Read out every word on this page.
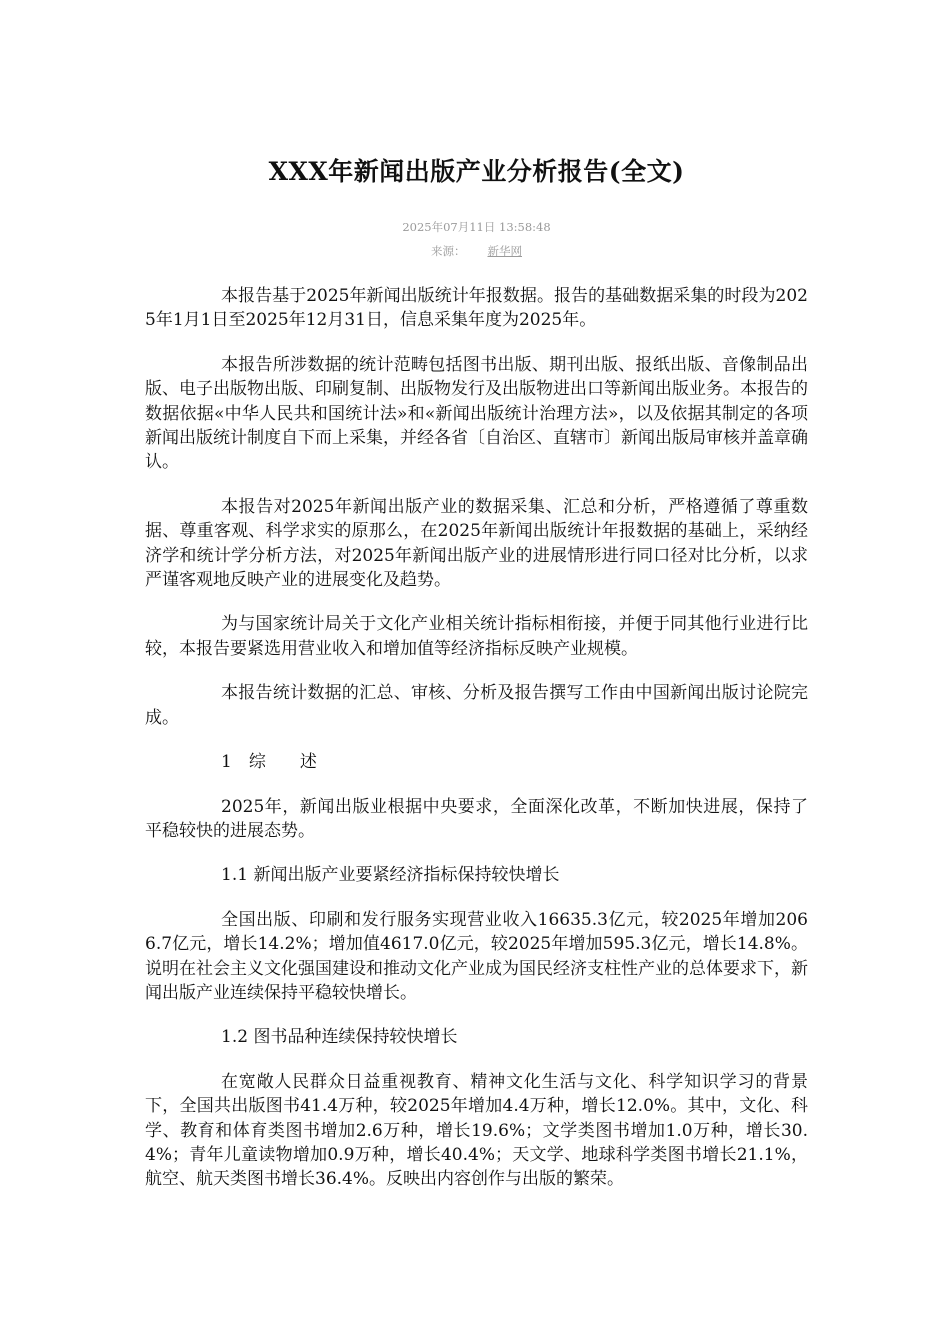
XXX年新闻出版产业分析报告(全文)
2025年07月11日 13:58:48
来源： 新华网

本报告基于2025年新闻出版统计年报数据。报告的基础数据采集的时段为2025年1月1日至2025年12月31日，信息采集年度为2025年。

本报告所涉数据的统计范畴包括图书出版、期刊出版、报纸出版、音像制品出版、电子出版物出版、印刷复制、出版物发行及出版物进出口等新闻出版业务。本报告的数据依据«中华人民共和国统计法»和«新闻出版统计治理方法»，以及依据其制定的各项新闻出版统计制度自下而上采集，并经各省〔自治区、直辖市〕新闻出版局审核并盖章确认。

本报告对2025年新闻出版产业的数据采集、汇总和分析，严格遵循了尊重数据、尊重客观、科学求实的原那么，在2025年新闻出版统计年报数据的基础上，采纳经济学和统计学分析方法，对2025年新闻出版产业的进展情形进行同口径对比分析，以求严谨客观地反映产业的进展变化及趋势。

为与国家统计局关于文化产业相关统计指标相衔接，并便于同其他行业进行比较，本报告要紧选用营业收入和增加值等经济指标反映产业规模。

本报告统计数据的汇总、审核、分析及报告撰写工作由中国新闻出版讨论院完成。

1　综　　述

2025年，新闻出版业根据中央要求，全面深化改革，不断加快进展，保持了平稳较快的进展态势。

1.1 新闻出版产业要紧经济指标保持较快增长

全国出版、印刷和发行服务实现营业收入16635.3亿元，较2025年增加2066.7亿元，增长14.2%；增加值4617.0亿元，较2025年增加595.3亿元，增长14.8%。说明在社会主义文化强国建设和推动文化产业成为国民经济支柱性产业的总体要求下，新闻出版产业连续保持平稳较快增长。

1.2 图书品种连续保持较快增长

在宽敞人民群众日益重视教育、精神文化生活与文化、科学知识学习的背景下，全国共出版图书41.4万种，较2025年增加4.4万种，增长12.0%。其中，文化、科学、教育和体育类图书增加2.6万种，增长19.6%；文学类图书增加1.0万种，增长30.4%；青年儿童读物增加0.9万种，增长40.4%；天文学、地球科学类图书增长21.1%，航空、航天类图书增长36.4%。反映出内容创作与出版的繁荣。
